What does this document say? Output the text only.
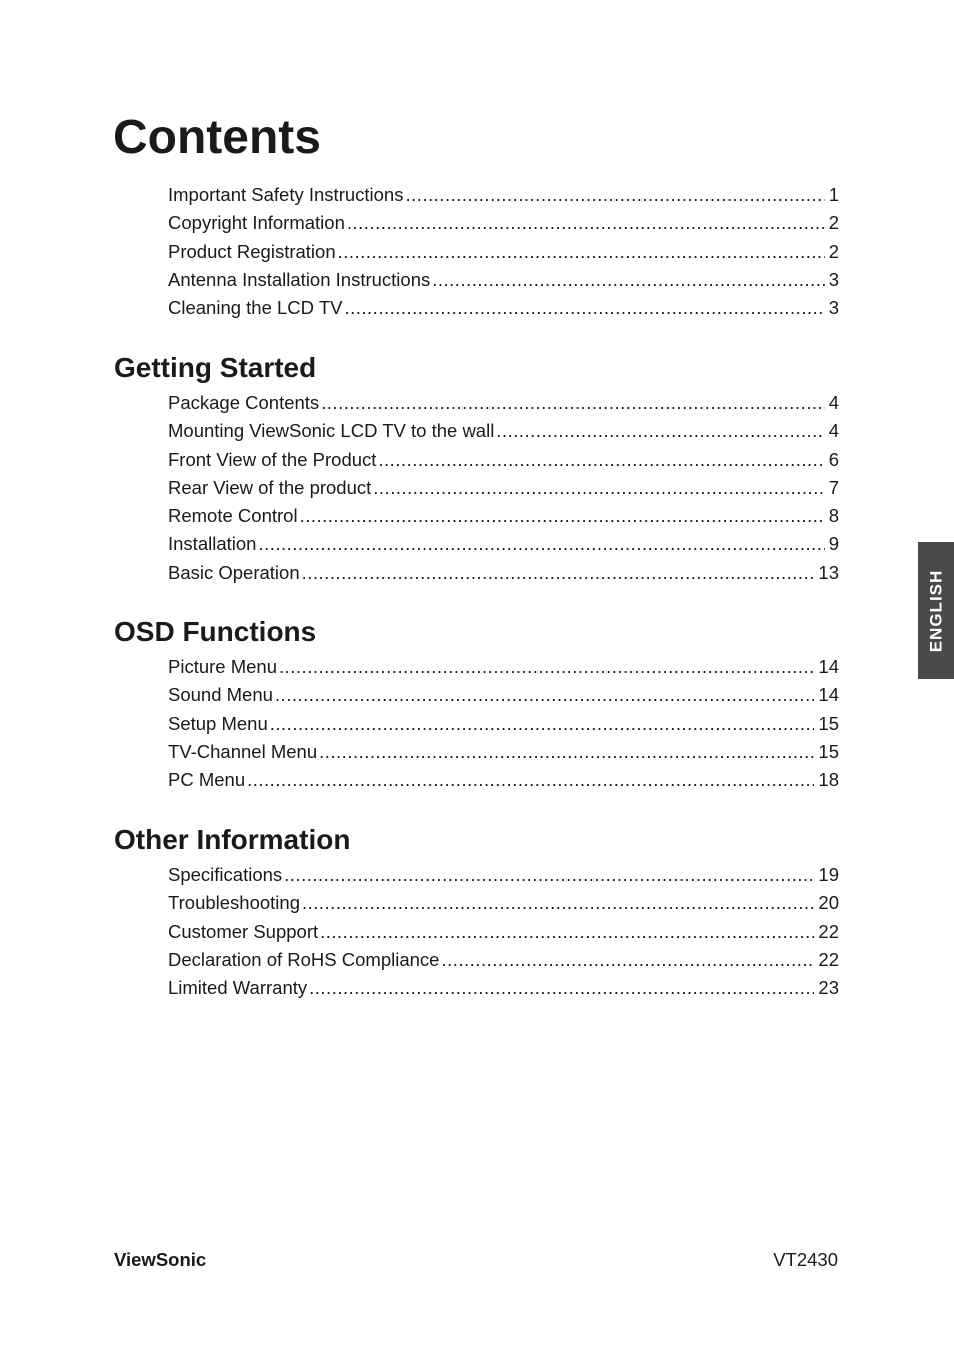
Contents
Important Safety Instructions .....	1
Copyright Information .....	2
Product Registration .....	2
Antenna Installation Instructions .....	3
Cleaning the LCD TV .....	3
Getting Started
Package Contents .....	4
Mounting ViewSonic LCD TV to the wall .....	4
Front View of the Product .....	6
Rear View of the product .....	7
Remote Control .....	8
Installation .....	9
Basic Operation .....	13
OSD Functions
Picture Menu .....	14
Sound Menu .....	14
Setup Menu .....	15
TV-Channel Menu .....	15
PC Menu .....	18
Other Information
Specifications .....	19
Troubleshooting .....	20
Customer Support .....	22
Declaration of RoHS Compliance .....	22
Limited Warranty .....	23
ENGLISH
ViewSonic	VT2430
